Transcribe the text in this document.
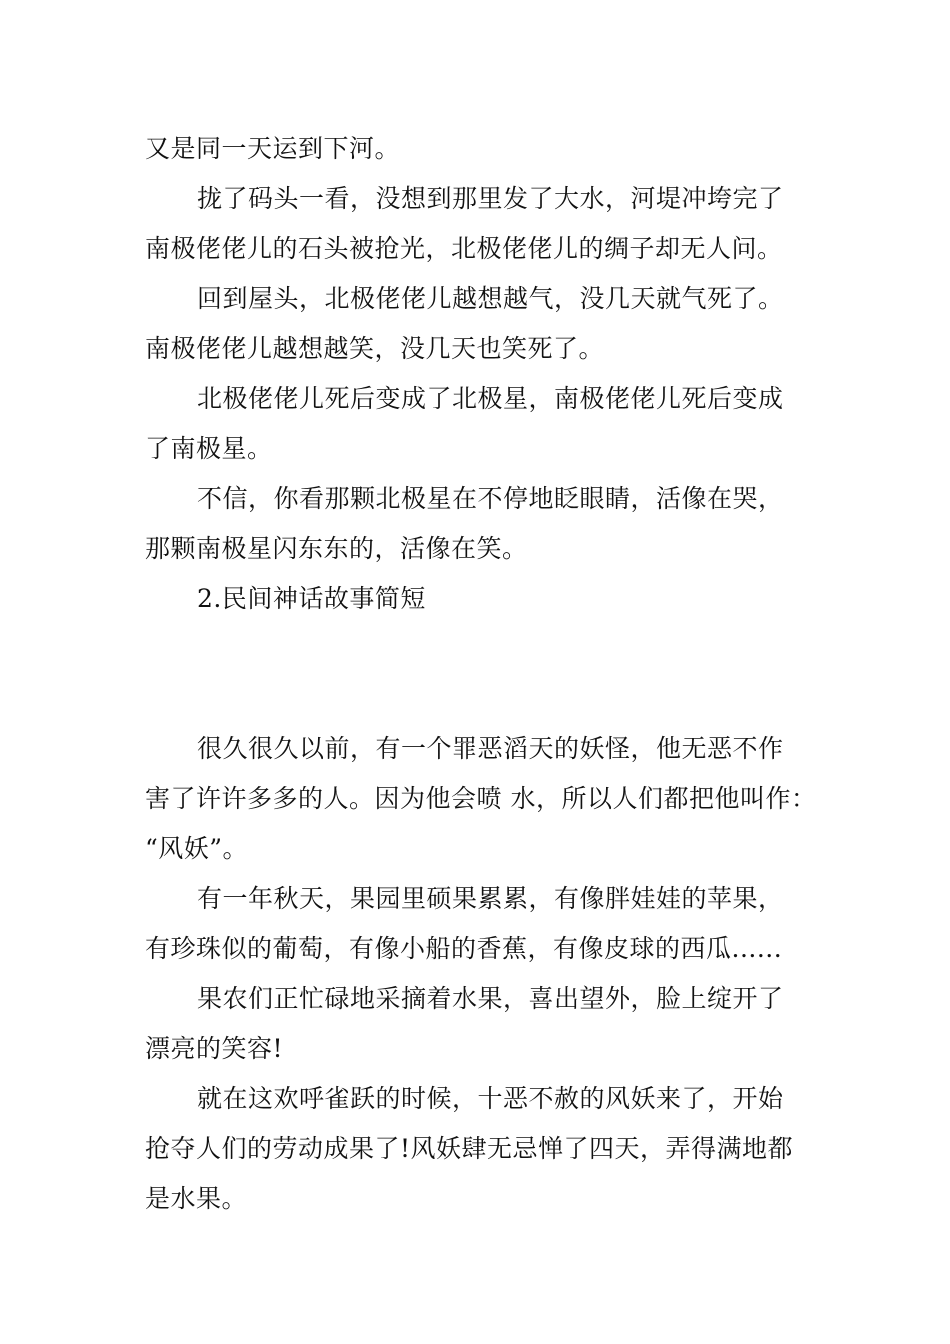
又是同一天运到下河。
拢了码头一看，没想到那里发了大水，河堤冲垮完了
南极佬佬儿的石头被抢光，北极佬佬儿的绸子却无人问。
回到屋头，北极佬佬儿越想越气，没几天就气死了。
南极佬佬儿越想越笑，没几天也笑死了。
北极佬佬儿死后变成了北极星，南极佬佬儿死后变成
了南极星。
不信，你看那颗北极星在不停地眨眼睛，活像在哭，
那颗南极星闪东东的，活像在笑。
2.民间神话故事简短
很久很久以前，有一个罪恶滔天的妖怪，他无恶不作
害了许许多多的人。因为他会喷 水，所以人们都把他叫作：
“风妖”。
有一年秋天，果园里硕果累累，有像胖娃娃的苹果，
有珍珠似的葡萄，有像小船的香蕉，有像皮球的西瓜......
果农们正忙碌地采摘着水果，喜出望外，脸上绽开了
漂亮的笑容!
就在这欢呼雀跃的时候，十恶不赦的风妖来了，开始
抢夺人们的劳动成果了!风妖肆无忌惮了四天，弄得满地都
是水果。
